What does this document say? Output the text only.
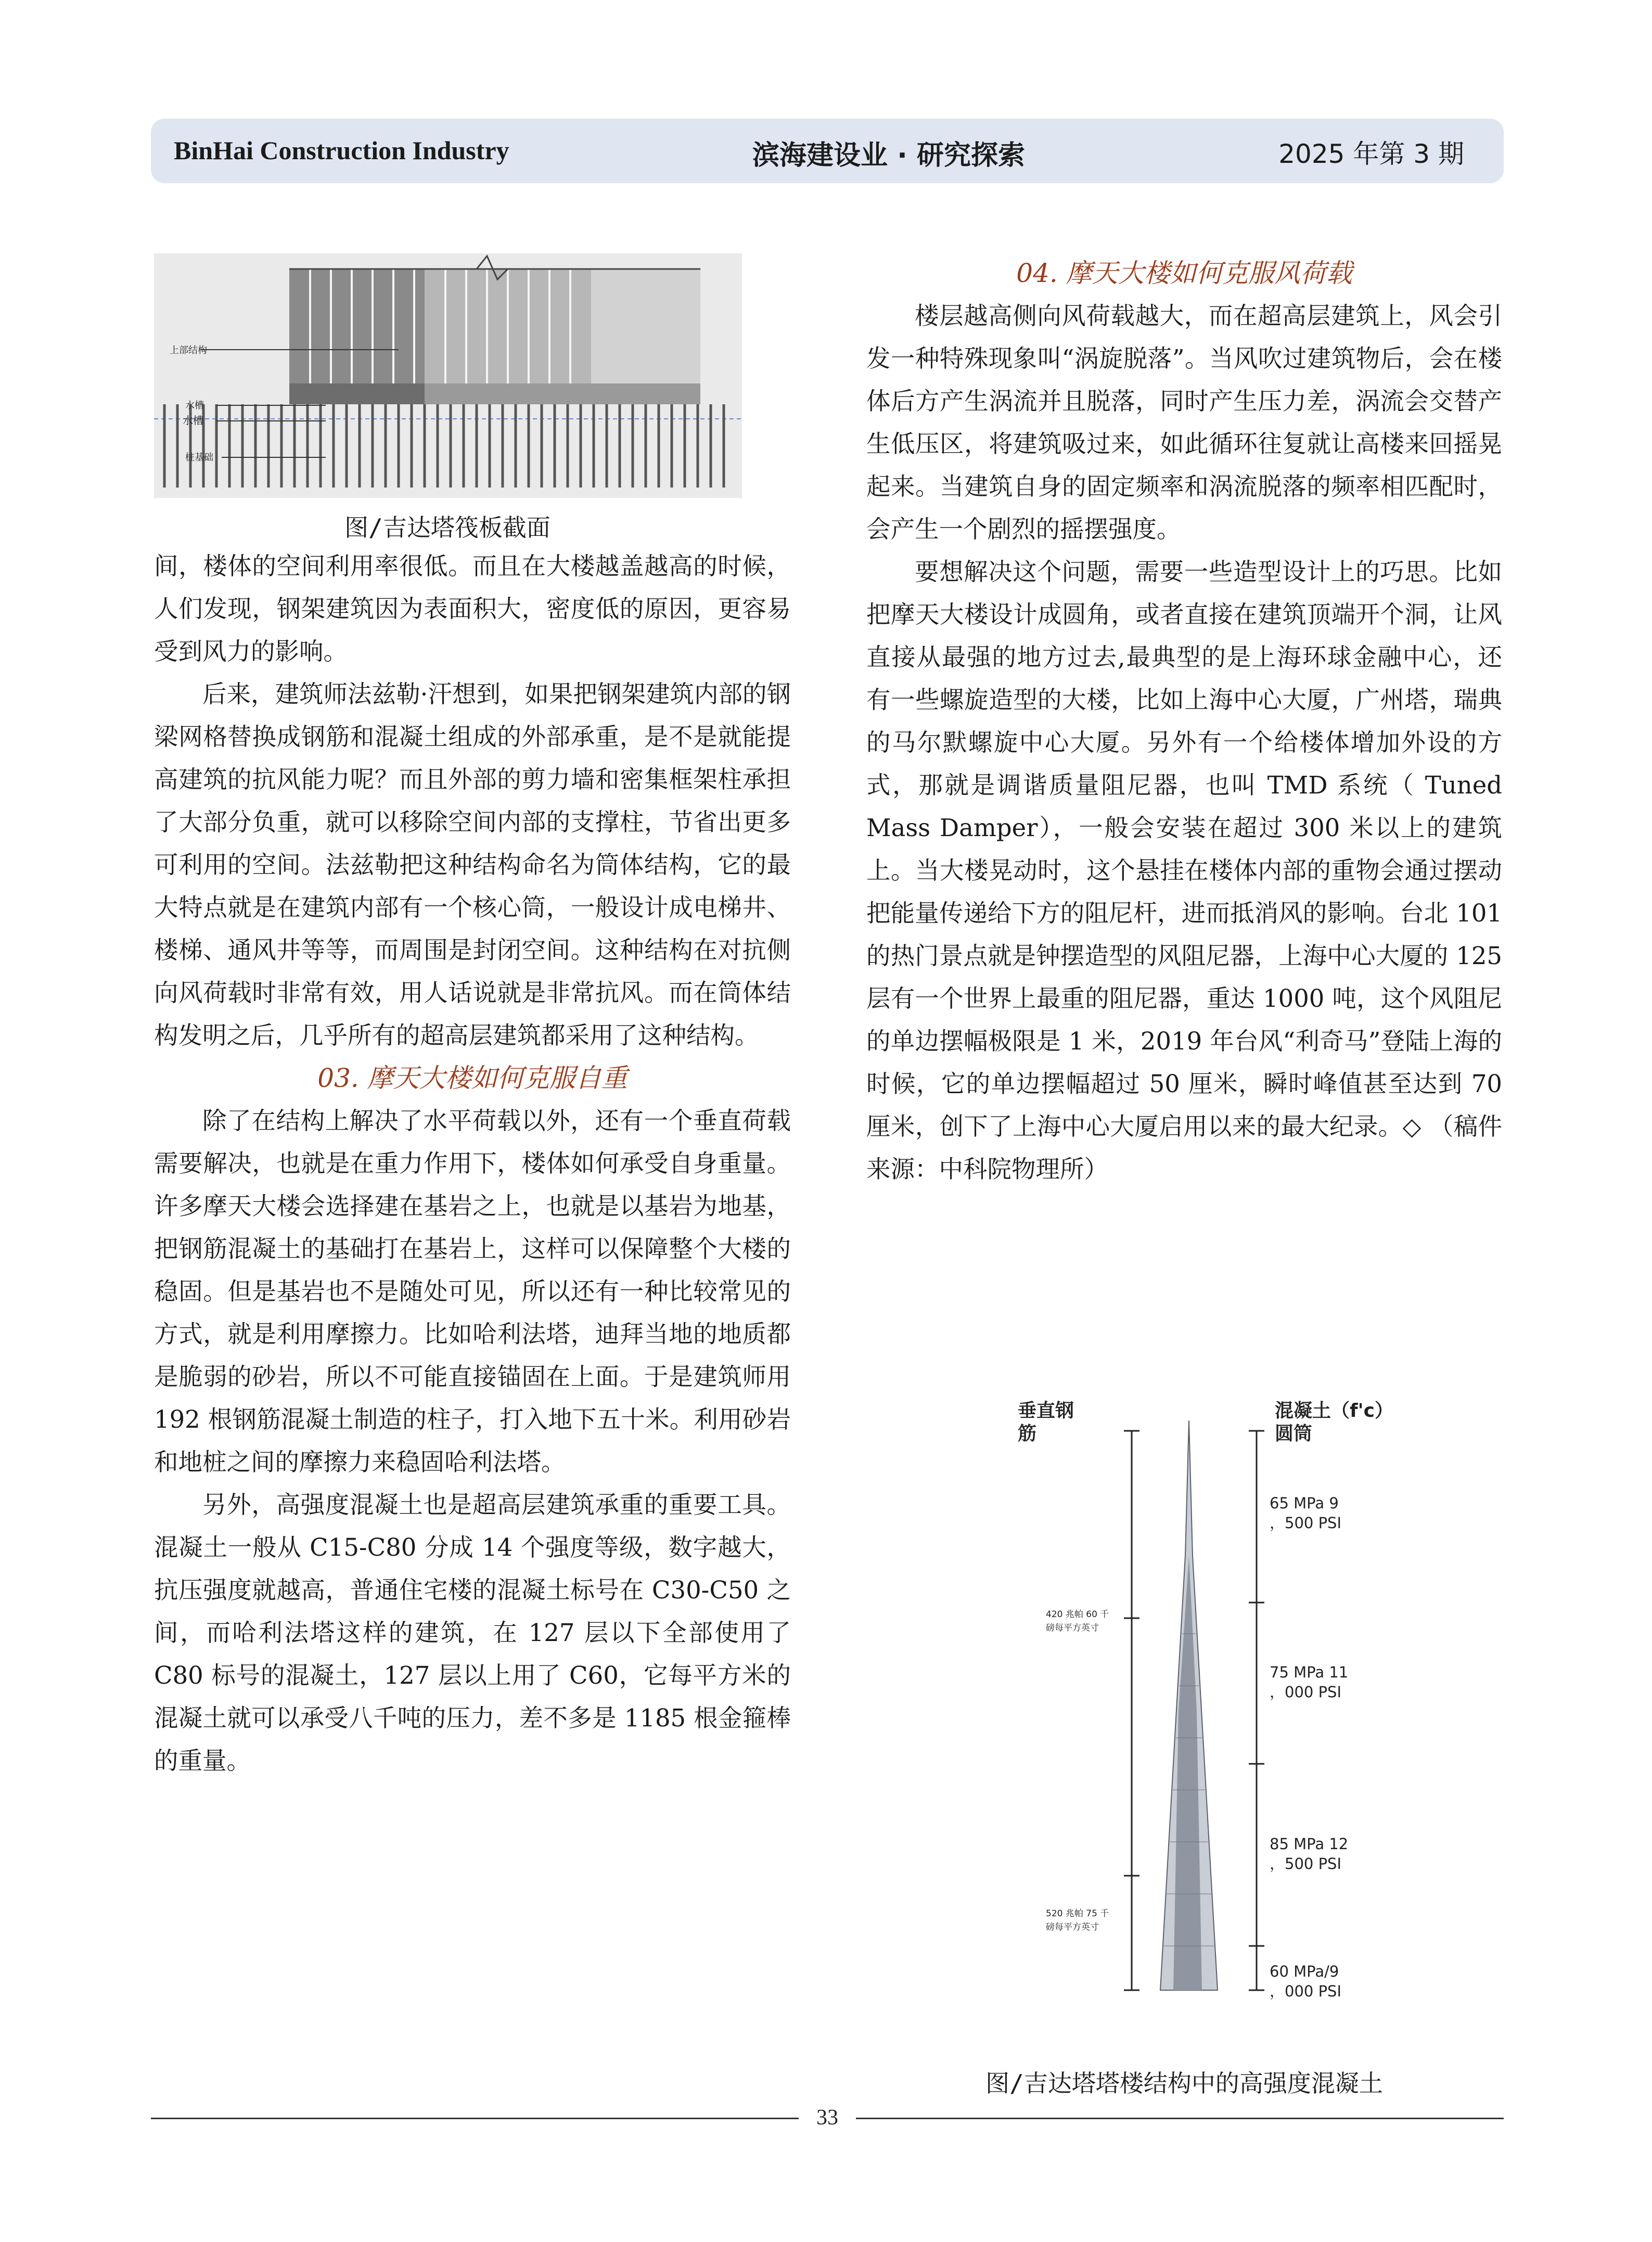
BinHai Construction Industry	滨海建设业 · 研究探索	2025 年第 3 期
上部结构
水槽
水槽
桩基础
图/吉达塔筏板截面

间，楼体的空间利用率很低。而且在大楼越盖越高的时候，人们发现，钢架建筑因为表面积大，密度低的原因，更容易受到风力的影响。

后来，建筑师法兹勒·汗想到，如果把钢架建筑内部的钢梁网格替换成钢筋和混凝土组成的外部承重，是不是就能提高建筑的抗风能力呢？而且外部的剪力墙和密集框架柱承担了大部分负重，就可以移除空间内部的支撑柱，节省出更多可利用的空间。法兹勒把这种结构命名为筒体结构，它的最大特点就是在建筑内部有一个核心筒，一般设计成电梯井、楼梯、通风井等等，而周围是封闭空间。这种结构在对抗侧向风荷载时非常有效，用人话说就是非常抗风。而在筒体结构发明之后，几乎所有的超高层建筑都采用了这种结构。

03. 摩天大楼如何克服自重

除了在结构上解决了水平荷载以外，还有一个垂直荷载需要解决，也就是在重力作用下，楼体如何承受自身重量。许多摩天大楼会选择建在基岩之上，也就是以基岩为地基，把钢筋混凝土的基础打在基岩上，这样可以保障整个大楼的稳固。但是基岩也不是随处可见，所以还有一种比较常见的方式，就是利用摩擦力。比如哈利法塔，迪拜当地的地质都是脆弱的砂岩，所以不可能直接锚固在上面。于是建筑师用 192 根钢筋混凝土制造的柱子，打入地下五十米。利用砂岩和地桩之间的摩擦力来稳固哈利法塔。

另外，高强度混凝土也是超高层建筑承重的重要工具。混凝土一般从 C15-C80 分成 14 个强度等级，数字越大，抗压强度就越高，普通住宅楼的混凝土标号在 C30-C50 之间，而哈利法塔这样的建筑，在 127 层以下全部使用了 C80 标号的混凝土，127 层以上用了 C60，它每平方米的混凝土就可以承受八千吨的压力，差不多是 1185 根金箍棒的重量。

04. 摩天大楼如何克服风荷载

楼层越高侧向风荷载越大，而在超高层建筑上，风会引发一种特殊现象叫“涡旋脱落”。当风吹过建筑物后，会在楼体后方产生涡流并且脱落，同时产生压力差，涡流会交替产生低压区，将建筑吸过来，如此循环往复就让高楼来回摇晃起来。当建筑自身的固定频率和涡流脱落的频率相匹配时，会产生一个剧烈的摇摆强度。

要想解决这个问题，需要一些造型设计上的巧思。比如把摩天大楼设计成圆角，或者直接在建筑顶端开个洞，让风直接从最强的地方过去,最典型的是上海环球金融中心，还有一些螺旋造型的大楼，比如上海中心大厦，广州塔，瑞典的马尔默螺旋中心大厦。另外有一个给楼体增加外设的方式，那就是调谐质量阻尼器，也叫 TMD 系统（ Tuned Mass Damper），一般会安装在超过 300 米以上的建筑上。当大楼晃动时，这个悬挂在楼体内部的重物会通过摆动把能量传递给下方的阻尼杆，进而抵消风的影响。台北 101 的热门景点就是钟摆造型的风阻尼器，上海中心大厦的 125 层有一个世界上最重的阻尼器，重达 1000 吨，这个风阻尼的单边摆幅极限是 1 米，2019 年台风“利奇马”登陆上海的时候，它的单边摆幅超过 50 厘米，瞬时峰值甚至达到 70 厘米，创下了上海中心大厦启用以来的最大纪录。◇ （稿件来源：中科院物理所）

垂直钢
筋
混凝土（f'c）
圆筒
420 兆帕 60 千
磅每平方英寸
520 兆帕 75 千
磅每平方英寸
65 MPa 9
，500 PSI
75 MPa 11
，000 PSI
85 MPa 12
，500 PSI
60 MPa/9
，000 PSI
图/吉达塔塔楼结构中的高强度混凝土
33
